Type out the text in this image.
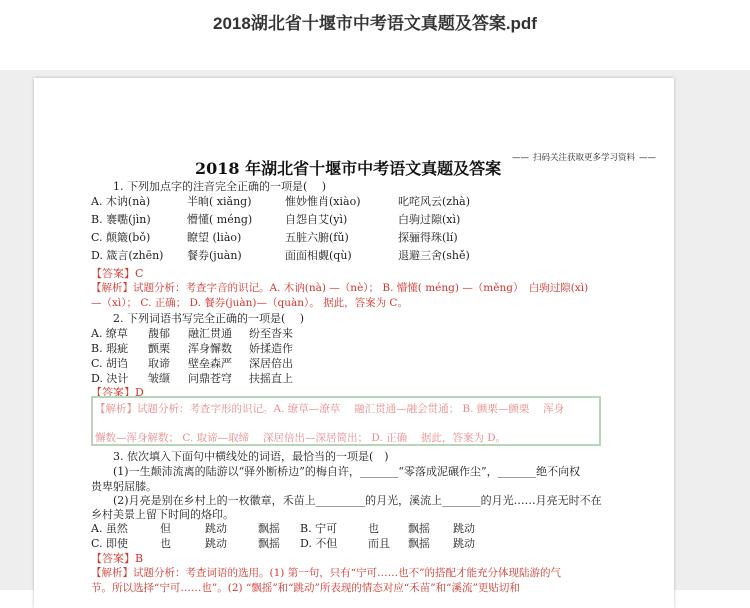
2018湖北省十堰市中考语文真题及答案.pdf
—— 扫码关注获取更多学习资料 ——
2018 年湖北省十堰市中考语文真题及答案
1. 下列加点字的注音完全正确的一项是(　 )
A. 木讷(nà)	半晌( xiǎng)	惟妙惟肖(xiào)	叱咤风云(zhà)
B. 褰嚸(jìn)	懵懂( méng)	自怨自艾(yì)	白驹过隙(xì)
C. 颠簸(bǒ)	瞭望 (liào)	五脏六腑(fǔ)	探骊得珠(lí)
D. 箴言(zhēn) 餐券(juàn)	面面相觑(qù)	退避三舍(shě)
【答案】C
【解析】试题分析：考查字音的识记。A. 木讷(nà) —（nè）； B. 懵懂( méng) —（měng）　白驹过隙(xì)
—（xì）； C. 正确； D. 餐券(juàn)—（quàn）。 据此，答案为 C。
2. 下列词语书写完全正确的一项是(　 )
A. 缭草 馥郁 融汇贯通 纷至沓来
B. 瑕疵 颤栗 浑身懈数 娇揉造作
C. 胡诌 取谛 壁垒森严 深居倍出
D. 决计 皱缬 问鼎苍穹 扶摇直上
【答案】D
【解析】试题分析：考查字形的识记。A. 缭草—潦草　 融汇贯通—融会贯通； B. 颤栗—颤栗　 浑身
懈数—浑身解数； C. 取谛—取缔　 深居倍出—深居简出； D. 正确　 据此，答案为 D。
3. 依次填入下面句中横线处的词语，最恰当的一项是(　)
(1)一生颠沛流离的陆游以“驿外断桥边”的梅自许，_______“零落成泥碾作尘”，_______绝不向权
贵卑躬屈膝。
(2)月亮是别在乡村上的一枚徽章，禾苗上_________的月光，溪流上_______的月光……月亮无时不在
乡村美景上留下时间的烙印。
A. 虽然	但	跳动	飘摇 B. 宁可	也	飘摇 跳动
C. 即使	也	跳动	飘摇 D. 不但	而且 飘摇 跳动
【答案】B
【解析】试题分析：考查词语的选用。(1) 第一句，只有“宁可……也不”的搭配才能充分体现陆游的气
节。所以选择“宁可……也”。(2) “飘摇”和“跳动”所表现的情态对应“禾苗”和“溪流”更贴切和
